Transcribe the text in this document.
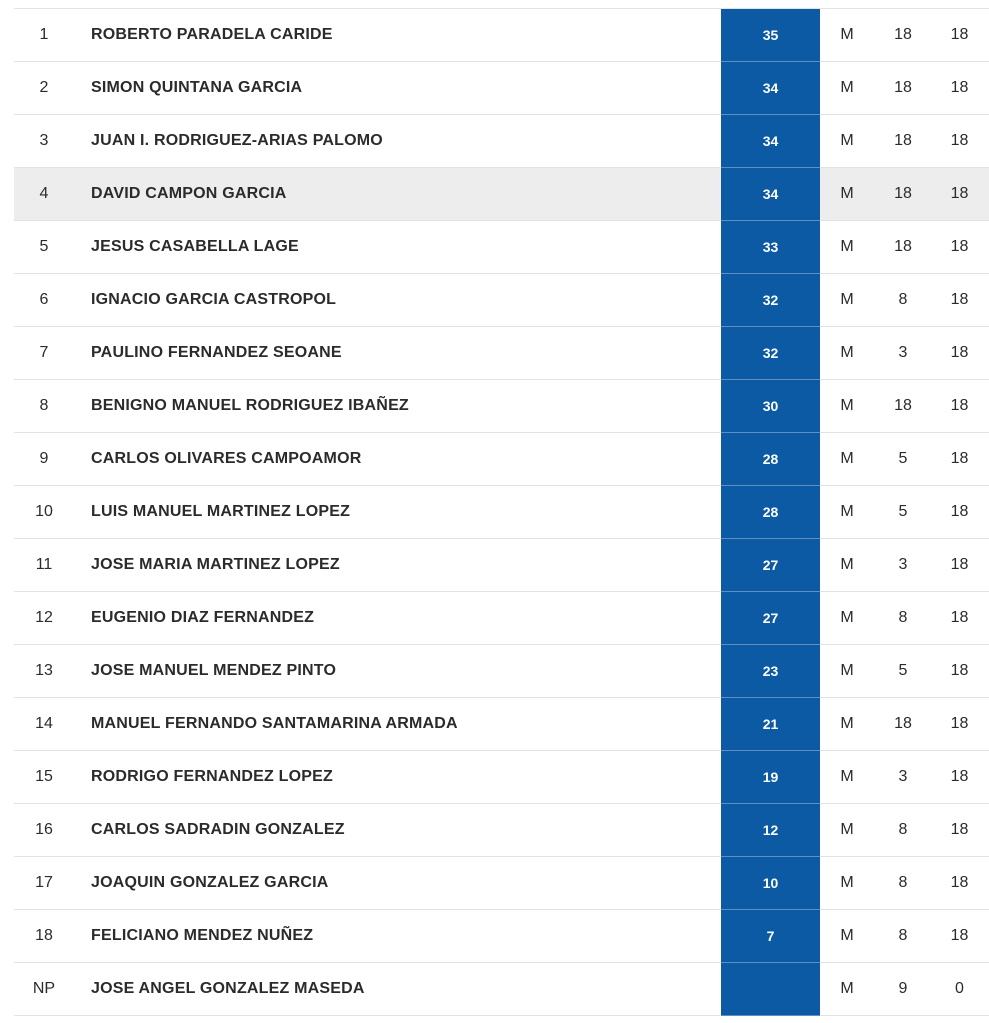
1	ROBERTO PARADELA CARIDE	35	M	18	18
2	SIMON QUINTANA GARCIA	34	M	18	18
3	JUAN I. RODRIGUEZ-ARIAS PALOMO	34	M	18	18
4	DAVID CAMPON GARCIA	34	M	18	18
5	JESUS CASABELLA LAGE	33	M	18	18
6	IGNACIO GARCIA CASTROPOL	32	M	8	18
7	PAULINO FERNANDEZ SEOANE	32	M	3	18
8	BENIGNO MANUEL RODRIGUEZ IBAÑEZ	30	M	18	18
9	CARLOS OLIVARES CAMPOAMOR	28	M	5	18
10	LUIS MANUEL MARTINEZ LOPEZ	28	M	5	18
11	JOSE MARIA MARTINEZ LOPEZ	27	M	3	18
12	EUGENIO DIAZ FERNANDEZ	27	M	8	18
13	JOSE MANUEL MENDEZ PINTO	23	M	5	18
14	MANUEL FERNANDO SANTAMARINA ARMADA	21	M	18	18
15	RODRIGO FERNANDEZ LOPEZ	19	M	3	18
16	CARLOS SADRADIN GONZALEZ	12	M	8	18
17	JOAQUIN GONZALEZ GARCIA	10	M	8	18
18	FELICIANO MENDEZ NUÑEZ	7	M	8	18
NP	JOSE ANGEL GONZALEZ MASEDA		M	9	0
